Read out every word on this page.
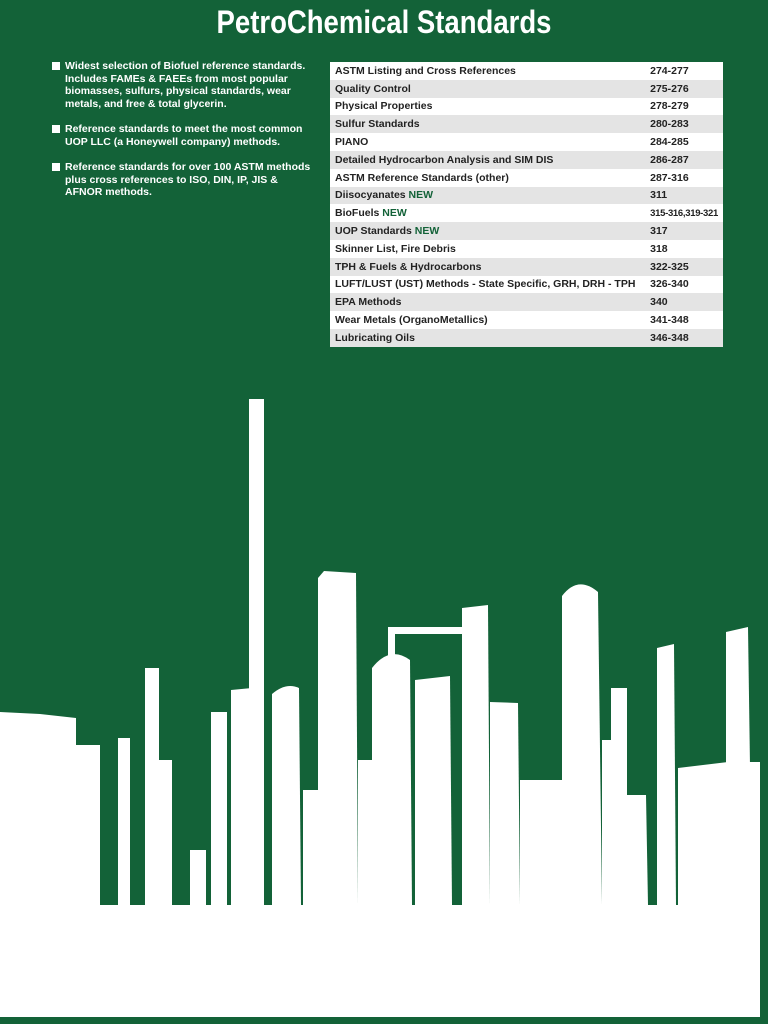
PetroChemical Standards
Widest selection of Biofuel reference standards. Includes FAMEs & FAEEs from most popular biomasses, sulfurs, physical standards, wear metals, and free & total glycerin.
Reference standards to meet the most common UOP LLC (a Honeywell company) methods.
Reference standards for over 100 ASTM methods plus cross references to ISO, DIN, IP, JIS & AFNOR methods.
ASTM Listing and Cross References	274-277
Quality Control	275-276
Physical Properties	278-279
Sulfur Standards	280-283
PIANO	284-285
Detailed Hydrocarbon Analysis and SIM DIS	286-287
ASTM Reference Standards (other)	287-316
Diisocyanates NEW	311
BioFuels NEW	315-316,319-321
UOP Standards NEW	317
Skinner List, Fire Debris	318
TPH & Fuels & Hydrocarbons	322-325
LUFT/LUST (UST) Methods - State Specific, GRH, DRH - TPH	326-340
EPA Methods	340
Wear Metals (OrganoMetallics)	341-348
Lubricating Oils	346-348
